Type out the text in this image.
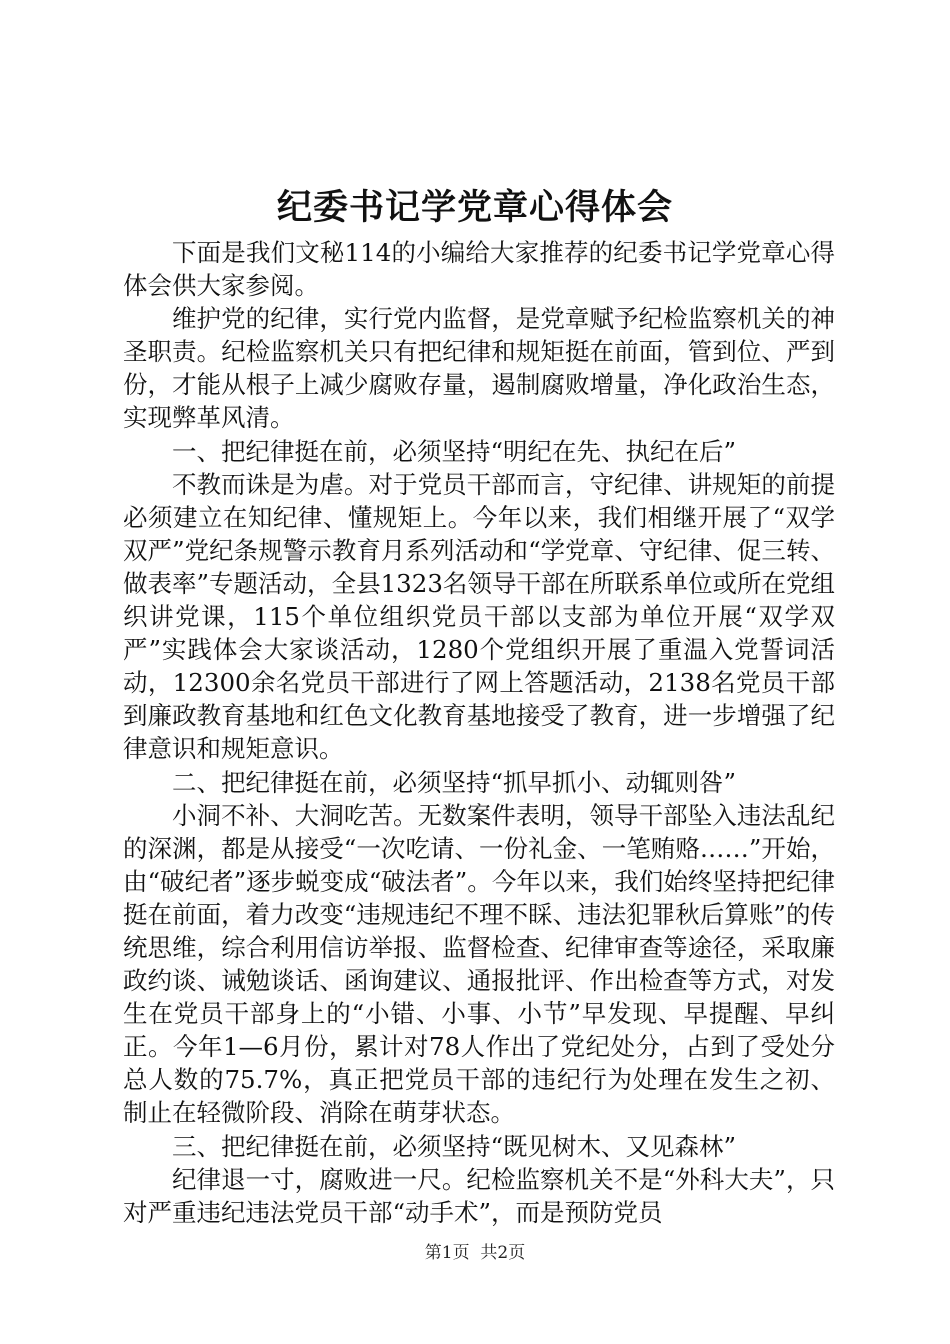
纪委书记学党章心得体会

下面是我们文秘114的小编给大家推荐的纪委书记学党章心得体会供大家参阅。

维护党的纪律，实行党内监督，是党章赋予纪检监察机关的神圣职责。纪检监察机关只有把纪律和规矩挺在前面，管到位、严到份，才能从根子上减少腐败存量，遏制腐败增量，净化政治生态，实现弊革风清。

一、把纪律挺在前，必须坚持“明纪在先、执纪在后”

不教而诛是为虐。对于党员干部而言，守纪律、讲规矩的前提必须建立在知纪律、懂规矩上。今年以来，我们相继开展了“双学双严”党纪条规警示教育月系列活动和“学党章、守纪律、促三转、做表率”专题活动，全县1323名领导干部在所联系单位或所在党组织讲党课，115个单位组织党员干部以支部为单位开展“双学双严”实践体会大家谈活动，1280个党组织开展了重温入党誓词活动，12300余名党员干部进行了网上答题活动，2138名党员干部到廉政教育基地和红色文化教育基地接受了教育，进一步增强了纪律意识和规矩意识。

二、把纪律挺在前，必须坚持“抓早抓小、动辄则咎”

小洞不补、大洞吃苦。无数案件表明，领导干部坠入违法乱纪的深渊，都是从接受“一次吃请、一份礼金、一笔贿赂……”开始，由“破纪者”逐步蜕变成“破法者”。今年以来，我们始终坚持把纪律挺在前面，着力改变“违规违纪不理不睬、违法犯罪秋后算账”的传统思维，综合利用信访举报、监督检查、纪律审查等途径，采取廉政约谈、诫勉谈话、函询建议、通报批评、作出检查等方式，对发生在党员干部身上的“小错、小事、小节”早发现、早提醒、早纠正。今年1—6月份，累计对78人作出了党纪处分，占到了受处分总人数的75.7%，真正把党员干部的违纪行为处理在发生之初、制止在轻微阶段、消除在萌芽状态。

三、把纪律挺在前，必须坚持“既见树木、又见森林”

纪律退一寸，腐败进一尺。纪检监察机关不是“外科大夫”，只对严重违纪违法党员干部“动手术”，而是预防党员

第1页 共2页
